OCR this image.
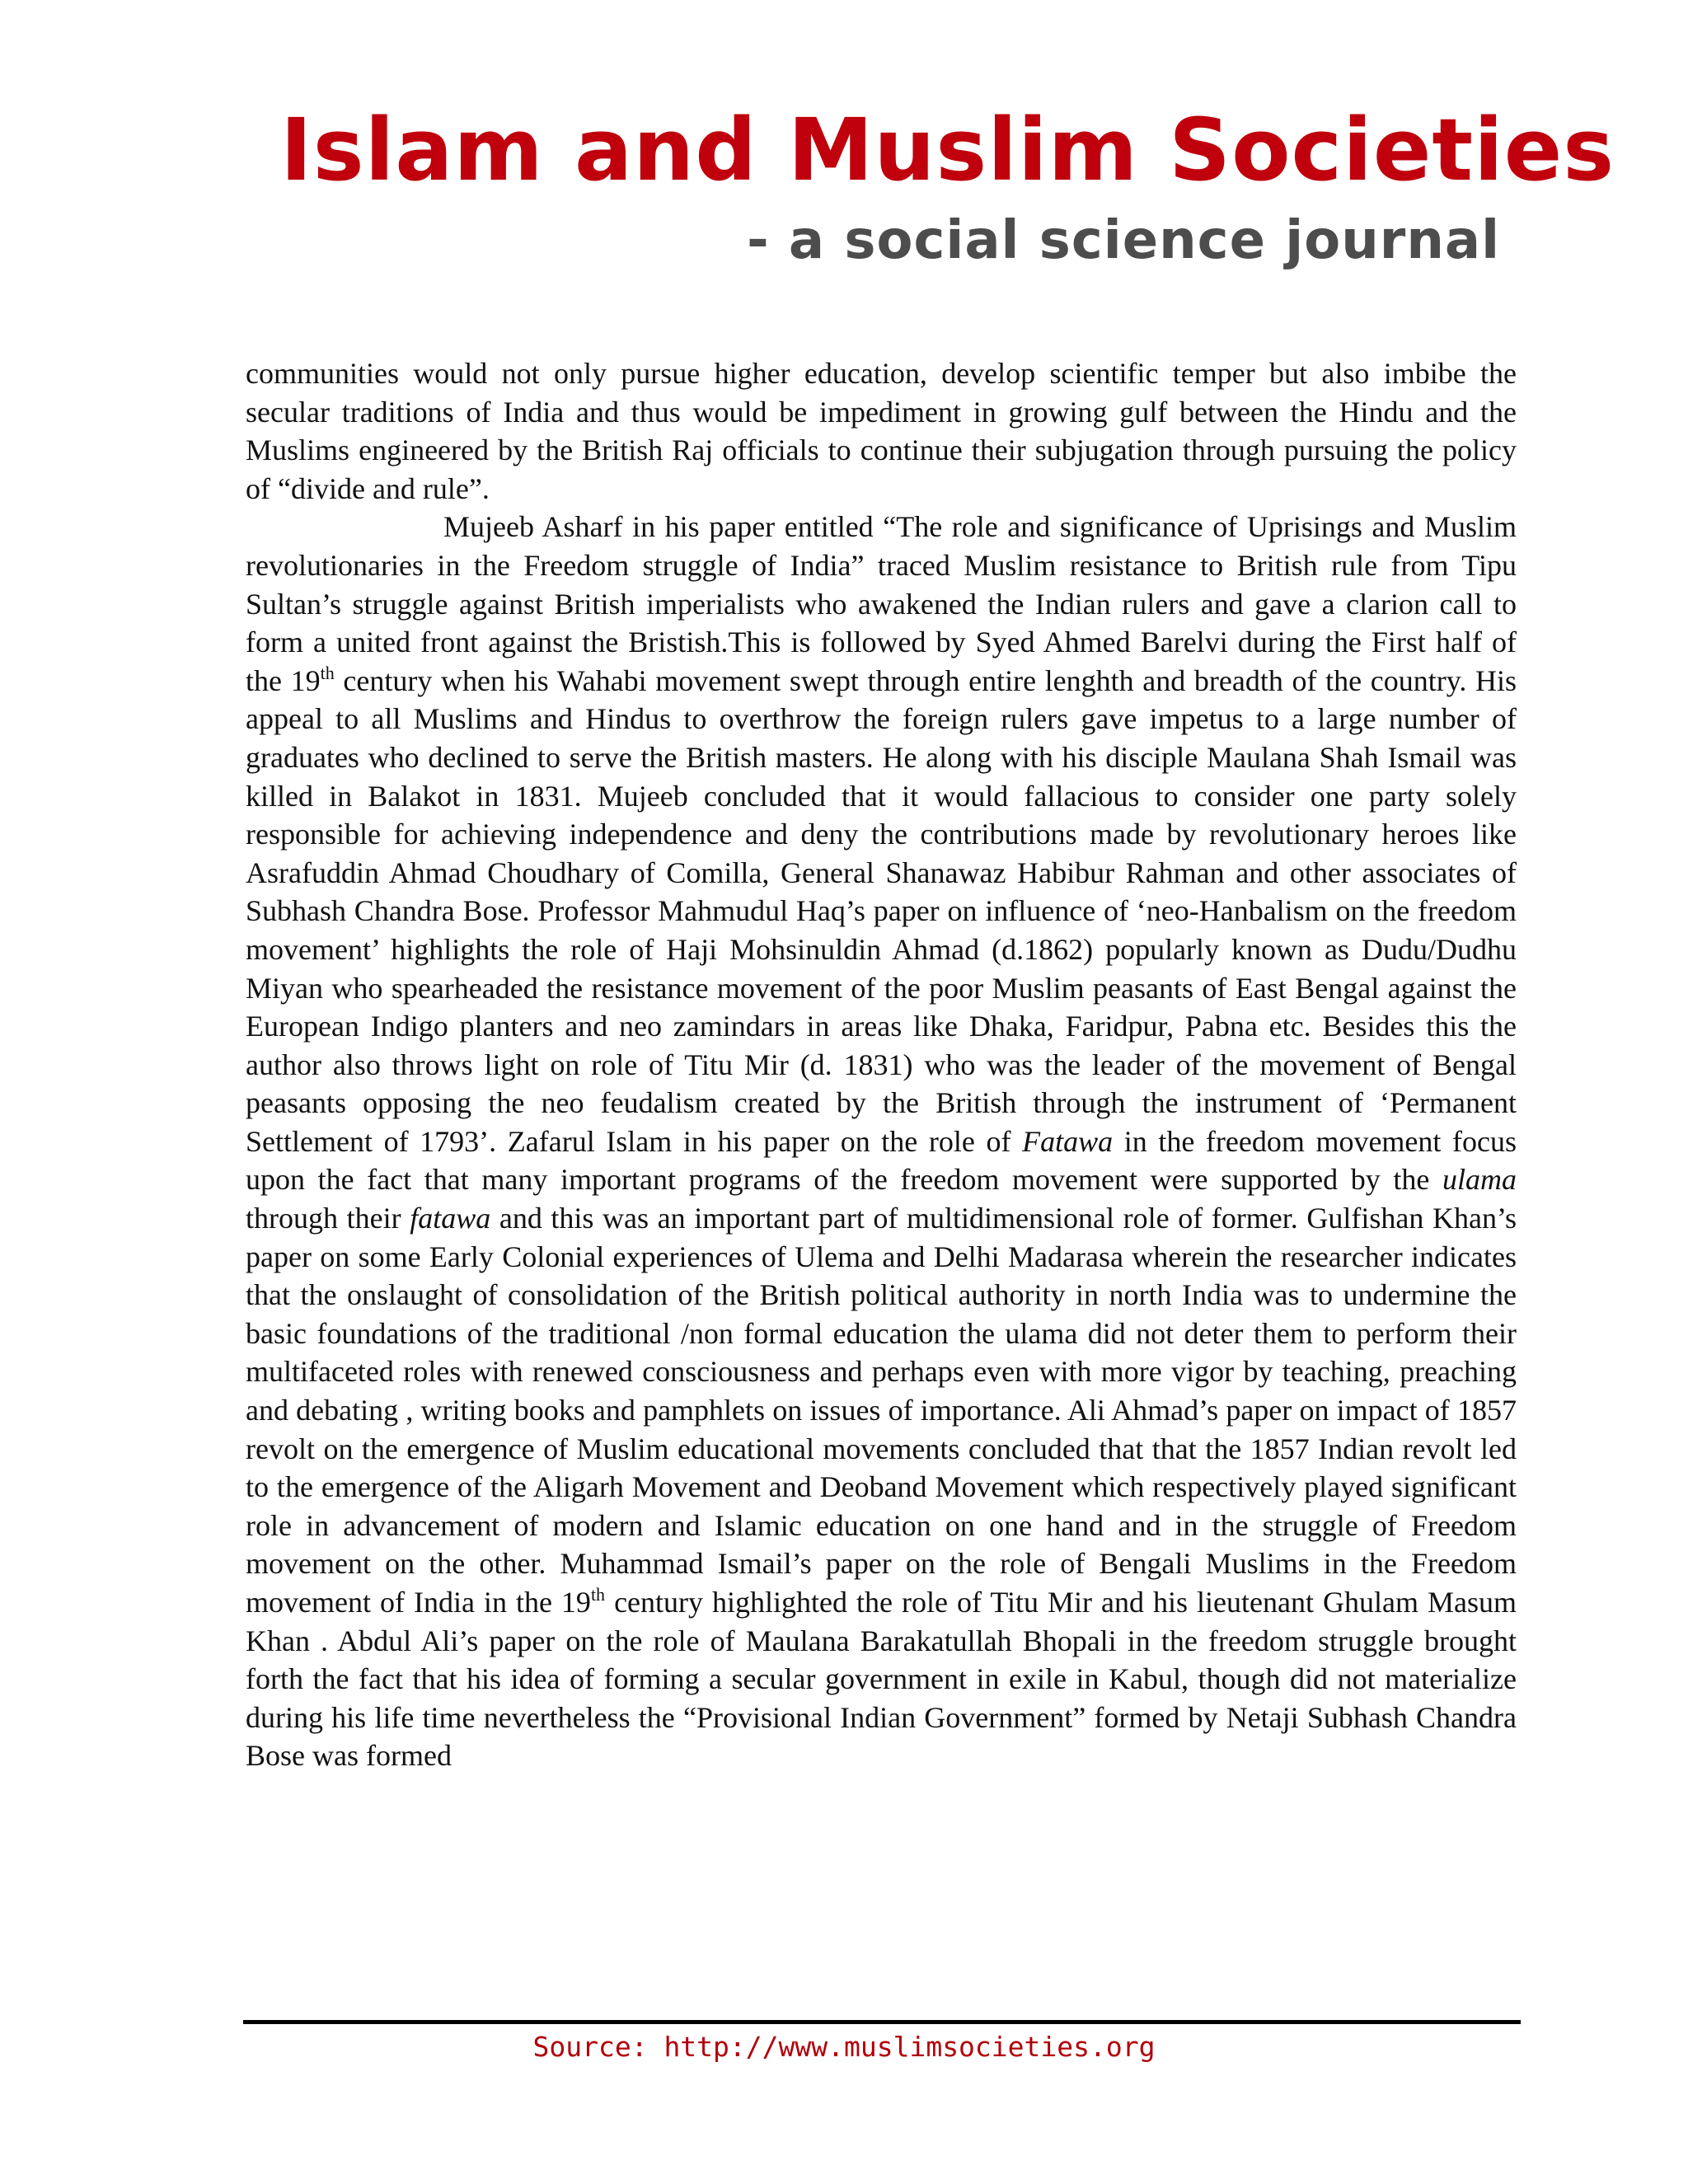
Islam and Muslim Societies
- a social science journal

communities would not only pursue higher education, develop scientific temper but also imbibe the secular traditions of India and thus would be impediment in growing gulf between the Hindu and the Muslims engineered by the British Raj officials to continue their subjugation through pursuing the policy of “divide and rule”.

Mujeeb Asharf in his paper entitled “The role and significance of Uprisings and Muslim revolutionaries in the Freedom struggle of India” traced Muslim resistance to British rule from Tipu Sultan’s struggle against British imperialists who awakened the Indian rulers and gave a clarion call to form a united front against the Bristish.This is followed by Syed Ahmed Barelvi during the First half of the 19th century when his Wahabi movement swept through entire lenghth and breadth of the country. His appeal to all Muslims and Hindus to overthrow the foreign rulers gave impetus to a large number of graduates who declined to serve the British masters. He along with his disciple Maulana Shah Ismail was killed in Balakot in 1831. Mujeeb concluded that it would fallacious to consider one party solely responsible for achieving independence and deny the contributions made by revolutionary heroes like Asrafuddin Ahmad Choudhary of Comilla, General Shanawaz Habibur Rahman and other associates of Subhash Chandra Bose. Professor Mahmudul Haq’s paper on influence of ‘neo-Hanbalism on the freedom movement’ highlights the role of Haji Mohsinuldin Ahmad (d.1862) popularly known as Dudu/Dudhu Miyan who spearheaded the resistance movement of the poor Muslim peasants of East Bengal against the European Indigo planters and neo zamindars in areas like Dhaka, Faridpur, Pabna etc. Besides this the author also throws light on role of Titu Mir (d. 1831) who was the leader of the movement of Bengal peasants opposing the neo feudalism created by the British through the instrument of ‘Permanent Settlement of 1793’. Zafarul Islam in his paper on the role of Fatawa in the freedom movement focus upon the fact that many important programs of the freedom movement were supported by the ulama through their fatawa and this was an important part of multidimensional role of former. Gulfishan Khan’s paper on some Early Colonial experiences of Ulema and Delhi Madarasa wherein the researcher indicates that the onslaught of consolidation of the British political authority in north India was to undermine the basic foundations of the traditional /non formal education the ulama did not deter them to perform their multifaceted roles with renewed consciousness and perhaps even with more vigor by teaching, preaching and debating , writing books and pamphlets on issues of importance. Ali Ahmad’s paper on impact of 1857 revolt on the emergence of Muslim educational movements concluded that that the 1857 Indian revolt led to the emergence of the Aligarh Movement and Deoband Movement which respectively played significant role in advancement of modern and Islamic education on one hand and in the struggle of Freedom movement on the other. Muhammad Ismail’s paper on the role of Bengali Muslims in the Freedom movement of India in the 19th century highlighted the role of Titu Mir and his lieutenant Ghulam Masum Khan . Abdul Ali’s paper on the role of Maulana Barakatullah Bhopali in the freedom struggle brought forth the fact that his idea of forming a secular government in exile in Kabul, though did not materialize during his life time nevertheless the “Provisional Indian Government” formed by Netaji Subhash Chandra Bose was formed

Source: http://www.muslimsocieties.org
